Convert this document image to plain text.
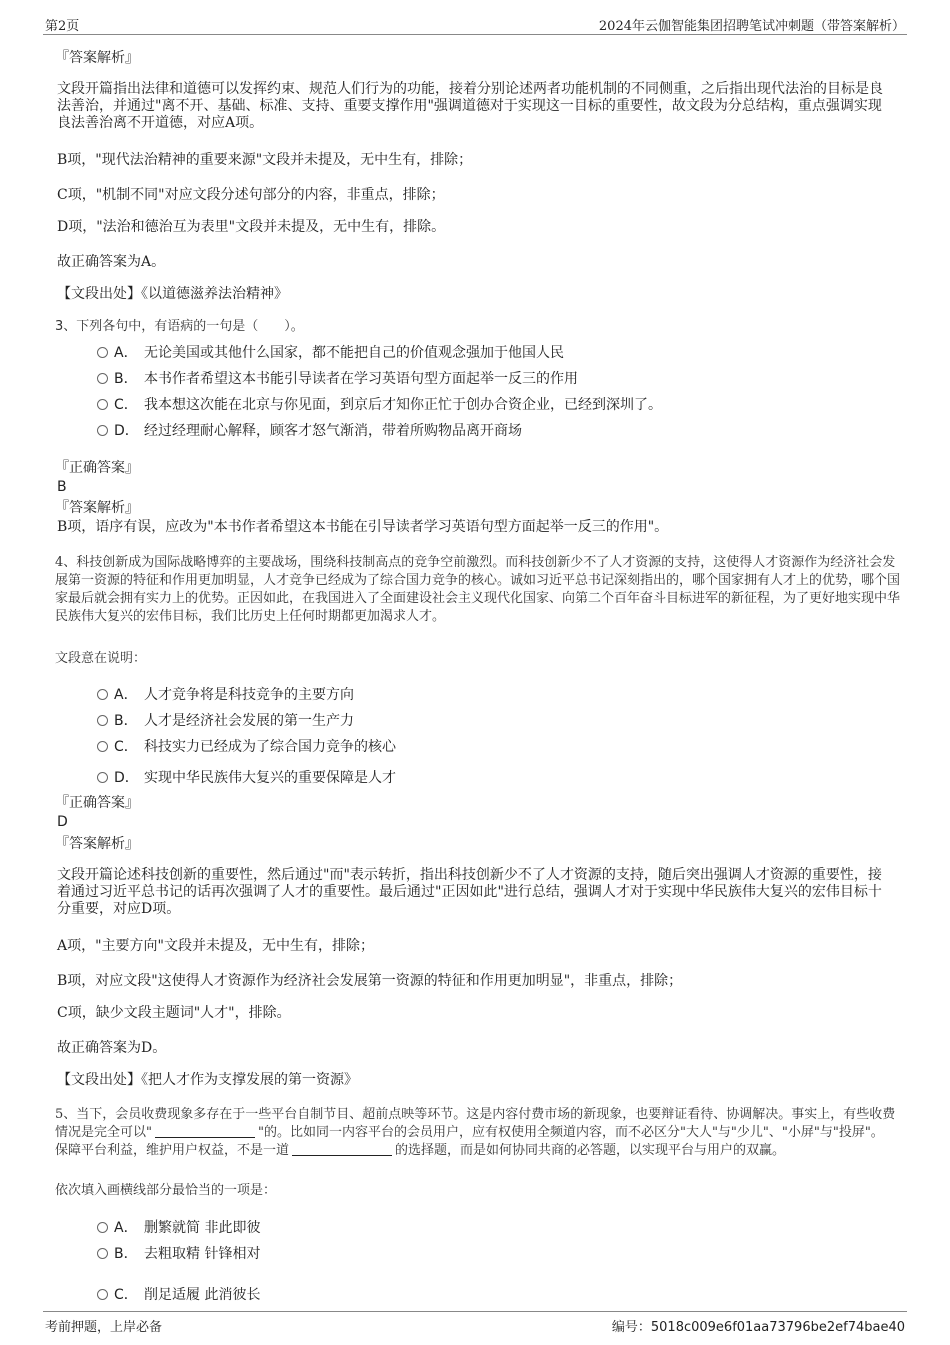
第2页	2024年云伽智能集团招聘笔试冲刺题（带答案解析）
『答案解析』
文段开篇指出法律和道德可以发挥约束、规范人们行为的功能，接着分别论述两者功能机制的不同侧重，之后指出现代法治的目标是良法善治，并通过"离不开、基础、标准、支持、重要支撑作用"强调道德对于实现这一目标的重要性，故文段为分总结构，重点强调实现良法善治离不开道德，对应A项。
B项，"现代法治精神的重要来源"文段并未提及，无中生有，排除；
C项，"机制不同"对应文段分述句部分的内容，非重点，排除；
D项，"法治和德治互为表里"文段并未提及，无中生有，排除。
故正确答案为A。
【文段出处】《以道德滋养法治精神》
3、下列各句中，有语病的一句是（　　）。
A． 无论美国或其他什么国家，都不能把自己的价值观念强加于他国人民
B． 本书作者希望这本书能引导读者在学习英语句型方面起举一反三的作用
C． 我本想这次能在北京与你见面，到京后才知你正忙于创办合资企业，已经到深圳了。
D． 经过经理耐心解释，顾客才怒气渐消，带着所购物品离开商场
『正确答案』
B
『答案解析』
B项，语序有误，应改为"本书作者希望这本书能在引导读者学习英语句型方面起举一反三的作用"。
4、科技创新成为国际战略博弈的主要战场，围绕科技制高点的竞争空前激烈。而科技创新少不了人才资源的支持，这使得人才资源作为经济社会发展第一资源的特征和作用更加明显，人才竞争已经成为了综合国力竞争的核心。诚如习近平总书记深刻指出的，哪个国家拥有人才上的优势，哪个国家最后就会拥有实力上的优势。正因如此，在我国进入了全面建设社会主义现代化国家、向第二个百年奋斗目标进军的新征程，为了更好地实现中华民族伟大复兴的宏伟目标，我们比历史上任何时期都更加渴求人才。
文段意在说明：
A． 人才竞争将是科技竞争的主要方向
B． 人才是经济社会发展的第一生产力
C． 科技实力已经成为了综合国力竞争的核心
D． 实现中华民族伟大复兴的重要保障是人才
『正确答案』
D
『答案解析』
文段开篇论述科技创新的重要性，然后通过"而"表示转折，指出科技创新少不了人才资源的支持，随后突出强调人才资源的重要性，接着通过习近平总书记的话再次强调了人才的重要性。最后通过"正因如此"进行总结，强调人才对于实现中华民族伟大复兴的宏伟目标十分重要，对应D项。
A项，"主要方向"文段并未提及，无中生有，排除；
B项，对应文段"这使得人才资源作为经济社会发展第一资源的特征和作用更加明显"，非重点，排除；
C项，缺少文段主题词"人才"，排除。
故正确答案为D。
【文段出处】《把人才作为支撑发展的第一资源》
5、当下，会员收费现象多存在于一些平台自制节目、超前点映等环节。这是内容付费市场的新现象，也要辩证看待、协调解决。事实上，有些收费情况是完全可以"	"的。比如同一内容平台的会员用户，应有权使用全频道内容，而不必区分"大人"与"少儿"、"小屏"与"投屏"。 保障平台利益，维护用户权益，不是一道	的选择题，而是如何协同共商的必答题，以实现平台与用户的双赢。
依次填入画横线部分最恰当的一项是：
A． 删繁就简 非此即彼
B． 去粗取精 针锋相对
C． 削足适履 此消彼长
考前押题，上岸必备	编号：5018c009e6f01aa73796be2ef74bae40
